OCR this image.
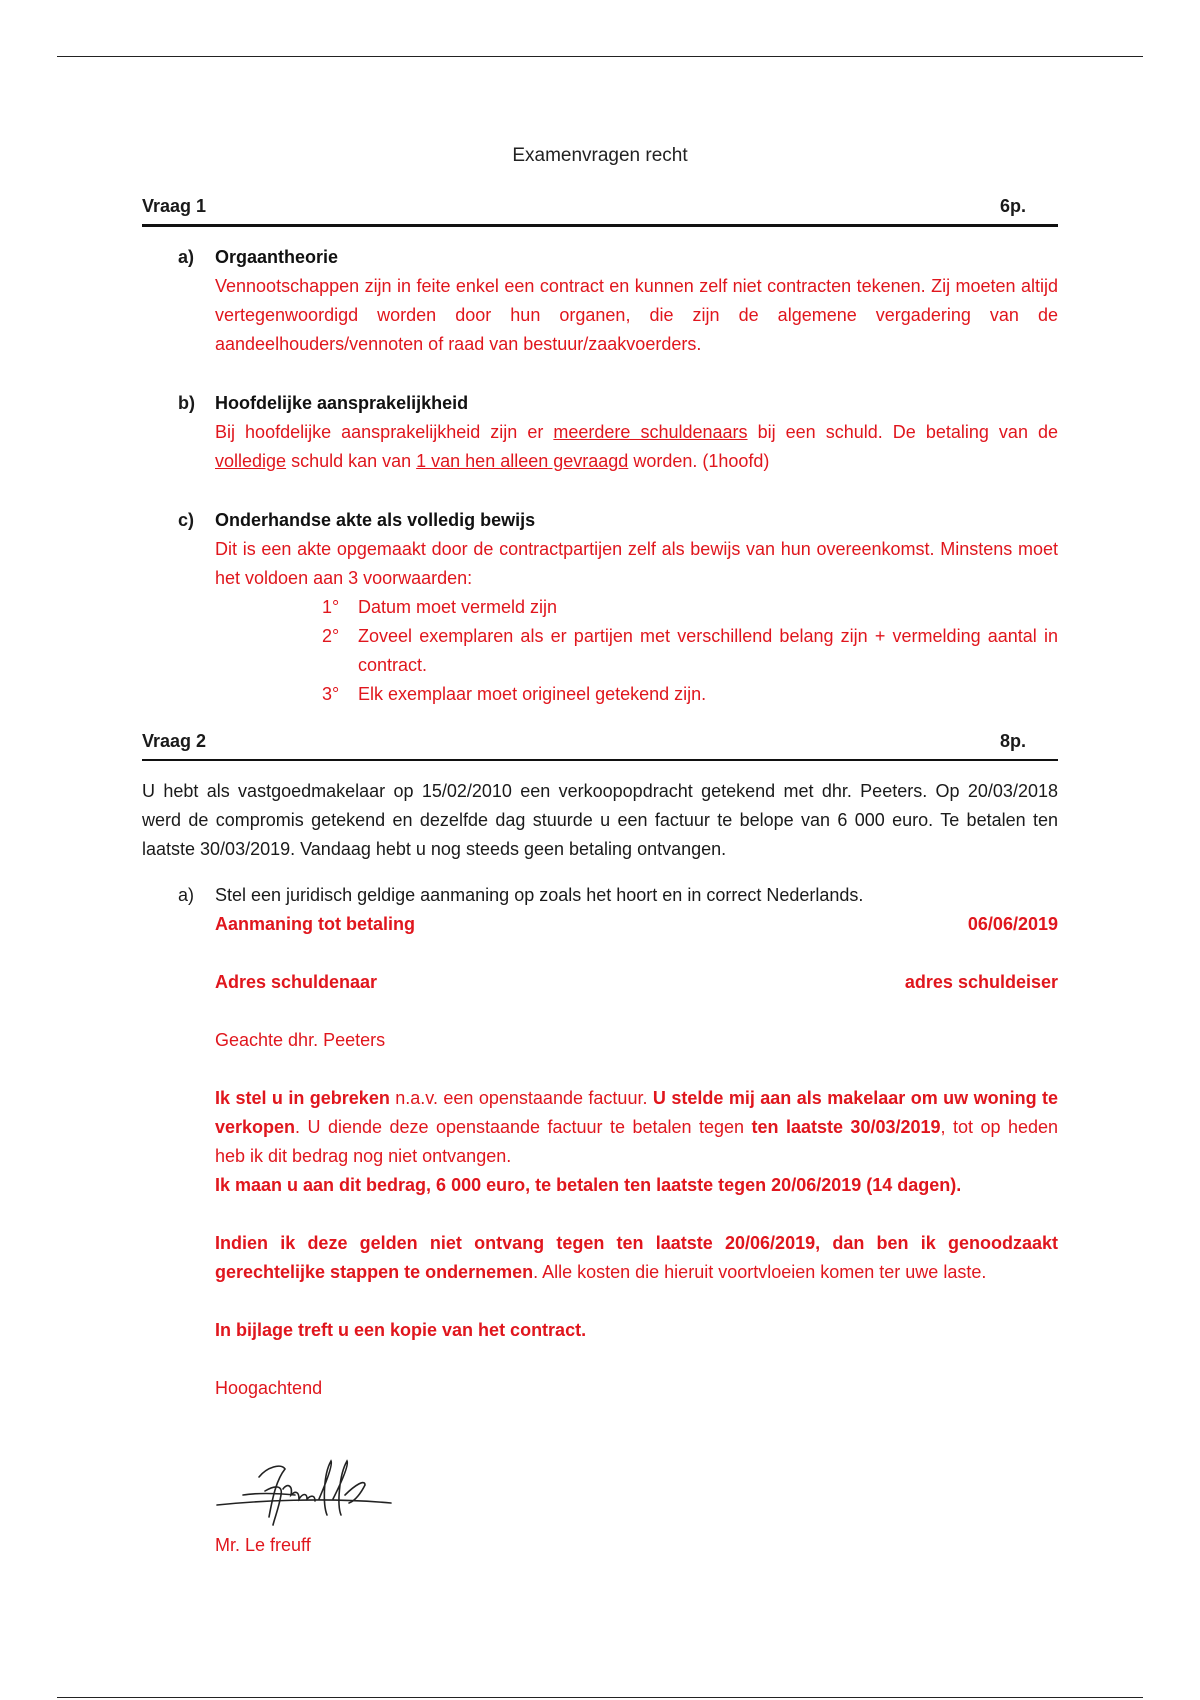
Examenvragen recht
Vraag 1	6p.
a) Orgaantheorie
Vennootschappen zijn in feite enkel een contract en kunnen zelf niet contracten tekenen. Zij moeten altijd vertegenwoordigd worden door hun organen, die zijn de algemene vergadering van de aandeelhouders/vennoten of raad van bestuur/zaakvoerders.
b) Hoofdelijke aansprakelijkheid
Bij hoofdelijke aansprakelijkheid zijn er meerdere schuldenaars bij een schuld. De betaling van de volledige schuld kan van 1 van hen alleen gevraagd worden. (1hoofd)
c) Onderhandse akte als volledig bewijs
Dit is een akte opgemaakt door de contractpartijen zelf als bewijs van hun overeenkomst. Minstens moet het voldoen aan 3 voorwaarden:
1° Datum moet vermeld zijn
2° Zoveel exemplaren als er partijen met verschillend belang zijn + vermelding aantal in contract.
3° Elk exemplaar moet origineel getekend zijn.
Vraag 2	8p.
U hebt als vastgoedmakelaar op 15/02/2010 een verkoopopdracht getekend met dhr. Peeters. Op 20/03/2018 werd de compromis getekend en dezelfde dag stuurde u een factuur te belope van 6 000 euro. Te betalen ten laatste 30/03/2019. Vandaag hebt u nog steeds geen betaling ontvangen.
a) Stel een juridisch geldige aanmaning op zoals het hoort en in correct Nederlands.
Aanmaning tot betaling	06/06/2019
Adres schuldenaar	adres schuldeiser
Geachte dhr. Peeters
Ik stel u in gebreken n.a.v. een openstaande factuur. U stelde mij aan als makelaar om uw woning te verkopen. U diende deze openstaande factuur te betalen tegen ten laatste 30/03/2019, tot op heden heb ik dit bedrag nog niet ontvangen.
Ik maan u aan dit bedrag, 6 000 euro, te betalen ten laatste tegen 20/06/2019 (14 dagen).
Indien ik deze gelden niet ontvang tegen ten laatste 20/06/2019, dan ben ik genoodzaakt gerechtelijke stappen te ondernemen. Alle kosten die hieruit voortvloeien komen ter uwe laste.
In bijlage treft u een kopie van het contract.
Hoogachtend
Mr. Le freuff
